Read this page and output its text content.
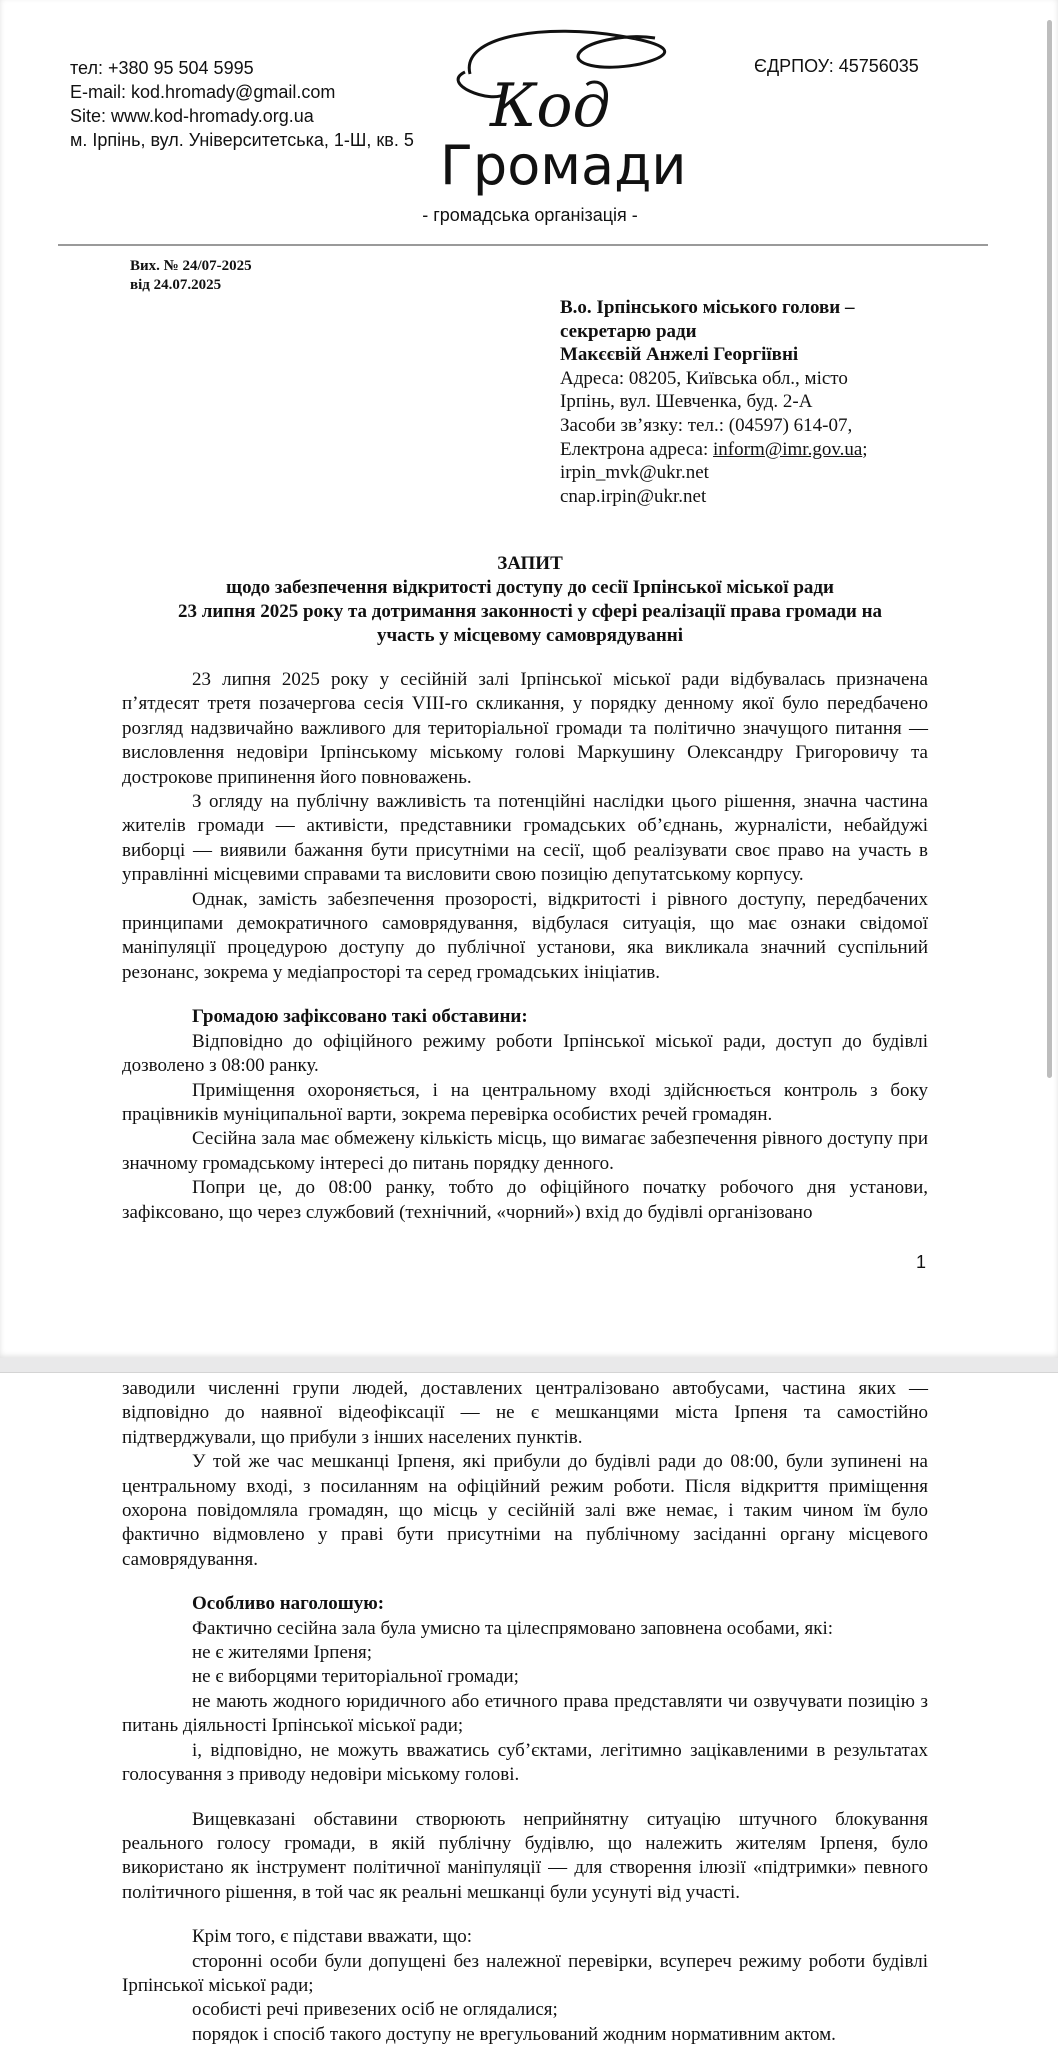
тел: +380 95 504 5995
E-mail: kod.hromady@gmail.com
Site: www.kod-hromady.org.ua
м. Ірпінь, вул. Університетська, 1-Ш, кв. 5
ЄДРПОУ: 45756035
Код
Громади
- громадська організація -
Вих. № 24/07-2025
від 24.07.2025
В.о. Ірпінського міського голови –
секретарю ради
Макєєвій Анжелі Георгіївні
Адреса: 08205, Київська обл., місто
Ірпінь, вул. Шевченка, буд. 2-А
Засоби зв’язку: тел.: (04597) 614-07,
Електрона адреса: inform@imr.gov.ua;
irpin_mvk@ukr.net
cnap.irpin@ukr.net
ЗАПИТ
щодо забезпечення відкритості доступу до сесії Ірпінської міської ради
23 липня 2025 року та дотримання законності у сфері реалізації права громади на
участь у місцевому самоврядуванні

23 липня 2025 року у сесійній залі Ірпінської міської ради відбувалась призначена п’ятдесят третя позачергова сесія VIII-го скликання, у порядку денному якої було передбачено розгляд надзвичайно важливого для територіальної громади та політично значущого питання — висловлення недовіри Ірпінському міському голові Маркушину Олександру Григоровичу та дострокове припинення його повноважень.

З огляду на публічну важливість та потенційні наслідки цього рішення, значна частина жителів громади — активісти, представники громадських об’єднань, журналісти, небайдужі виборці — виявили бажання бути присутніми на сесії, щоб реалізувати своє право на участь в управлінні місцевими справами та висловити свою позицію депутатському корпусу.

Однак, замість забезпечення прозорості, відкритості і рівного доступу, передбачених принципами демократичного самоврядування, відбулася ситуація, що має ознаки свідомої маніпуляції процедурою доступу до публічної установи, яка викликала значний суспільний резонанс, зокрема у медіапросторі та серед громадських ініціатив.

Громадою зафіксовано такі обставини:

Відповідно до офіційного режиму роботи Ірпінської міської ради, доступ до будівлі дозволено з 08:00 ранку.

Приміщення охороняється, і на центральному вході здійснюється контроль з боку працівників муніципальної варти, зокрема перевірка особистих речей громадян.

Сесійна зала має обмежену кількість місць, що вимагає забезпечення рівного доступу при значному громадському інтересі до питань порядку денного.

Попри це, до 08:00 ранку, тобто до офіційного початку робочого дня установи, зафіксовано, що через службовий (технічний, «чорний») вхід до будівлі організовано

1

заводили численні групи людей, доставлених централізовано автобусами, частина яких — відповідно до наявної відеофіксації — не є мешканцями міста Ірпеня та самостійно підтверджували, що прибули з інших населених пунктів.

У той же час мешканці Ірпеня, які прибули до будівлі ради до 08:00, були зупинені на центральному вході, з посиланням на офіційний режим роботи. Після відкриття приміщення охорона повідомляла громадян, що місць у сесійній залі вже немає, і таким чином їм було фактично відмовлено у праві бути присутніми на публічному засіданні органу місцевого самоврядування.

Особливо наголошую:

Фактично сесійна зала була умисно та цілеспрямовано заповнена особами, які:

не є жителями Ірпеня;

не є виборцями територіальної громади;

не мають жодного юридичного або етичного права представляти чи озвучувати позицію з питань діяльності Ірпінської міської ради;

і, відповідно, не можуть вважатись суб’єктами, легітимно зацікавленими в результатах голосування з приводу недовіри міському голові.

Вищевказані обставини створюють неприйнятну ситуацію штучного блокування реального голосу громади, в якій публічну будівлю, що належить жителям Ірпеня, було використано як інструмент політичної маніпуляції — для створення ілюзії «підтримки» певного політичного рішення, в той час як реальні мешканці були усунуті від участі.

Крім того, є підстави вважати, що:

сторонні особи були допущені без належної перевірки, всупереч режиму роботи будівлі Ірпінської міської ради;

особисті речі привезених осіб не оглядалися;

порядок і спосіб такого доступу не врегульований жодним нормативним актом.
